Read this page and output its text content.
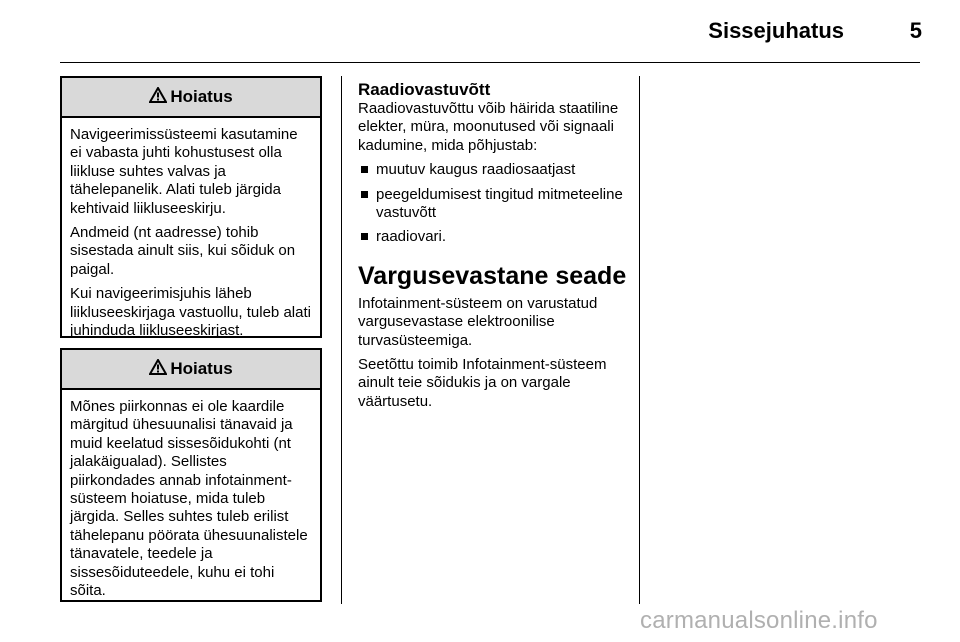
Sissejuhatus	5
Hoiatus

Navigeerimissüsteemi kasutamine ei vabasta juhti kohustusest olla liikluse suhtes valvas ja tähelepanelik. Alati tuleb järgida kehtivaid liikluseeskirju.

Andmeid (nt aadresse) tohib sisestada ainult siis, kui sõiduk on paigal.

Kui navigeerimisjuhis läheb liikluseeskirjaga vastuollu, tuleb alati juhinduda liikluseeskirjast.

Hoiatus

Mõnes piirkonnas ei ole kaardile märgitud ühesuunalisi tänavaid ja muid keelatud sissesõidukohti (nt jalakäigualad). Sellistes piirkondades annab infotainment-süsteem hoiatuse, mida tuleb järgida. Selles suhtes tuleb erilist tähelepanu pöörata ühesuunalistele tänavatele, teedele ja sissesõiduteedele, kuhu ei tohi sõita.

Raadiovastuvõtt

Raadiovastuvõttu võib häirida staatiline elekter, müra, moonutused või signaali kadumine, mida põhjustab:

muutuv kaugus raadiosaatjast
peegeldumisest tingitud mitmeteeline vastuvõtt
raadiovari.
Vargusevastane seade

Infotainment-süsteem on varustatud vargusevastase elektroonilise turvasüsteemiga.

Seetõttu toimib Infotainment-süsteem ainult teie sõidukis ja on vargale väärtusetu.

carmanualsonline.info
